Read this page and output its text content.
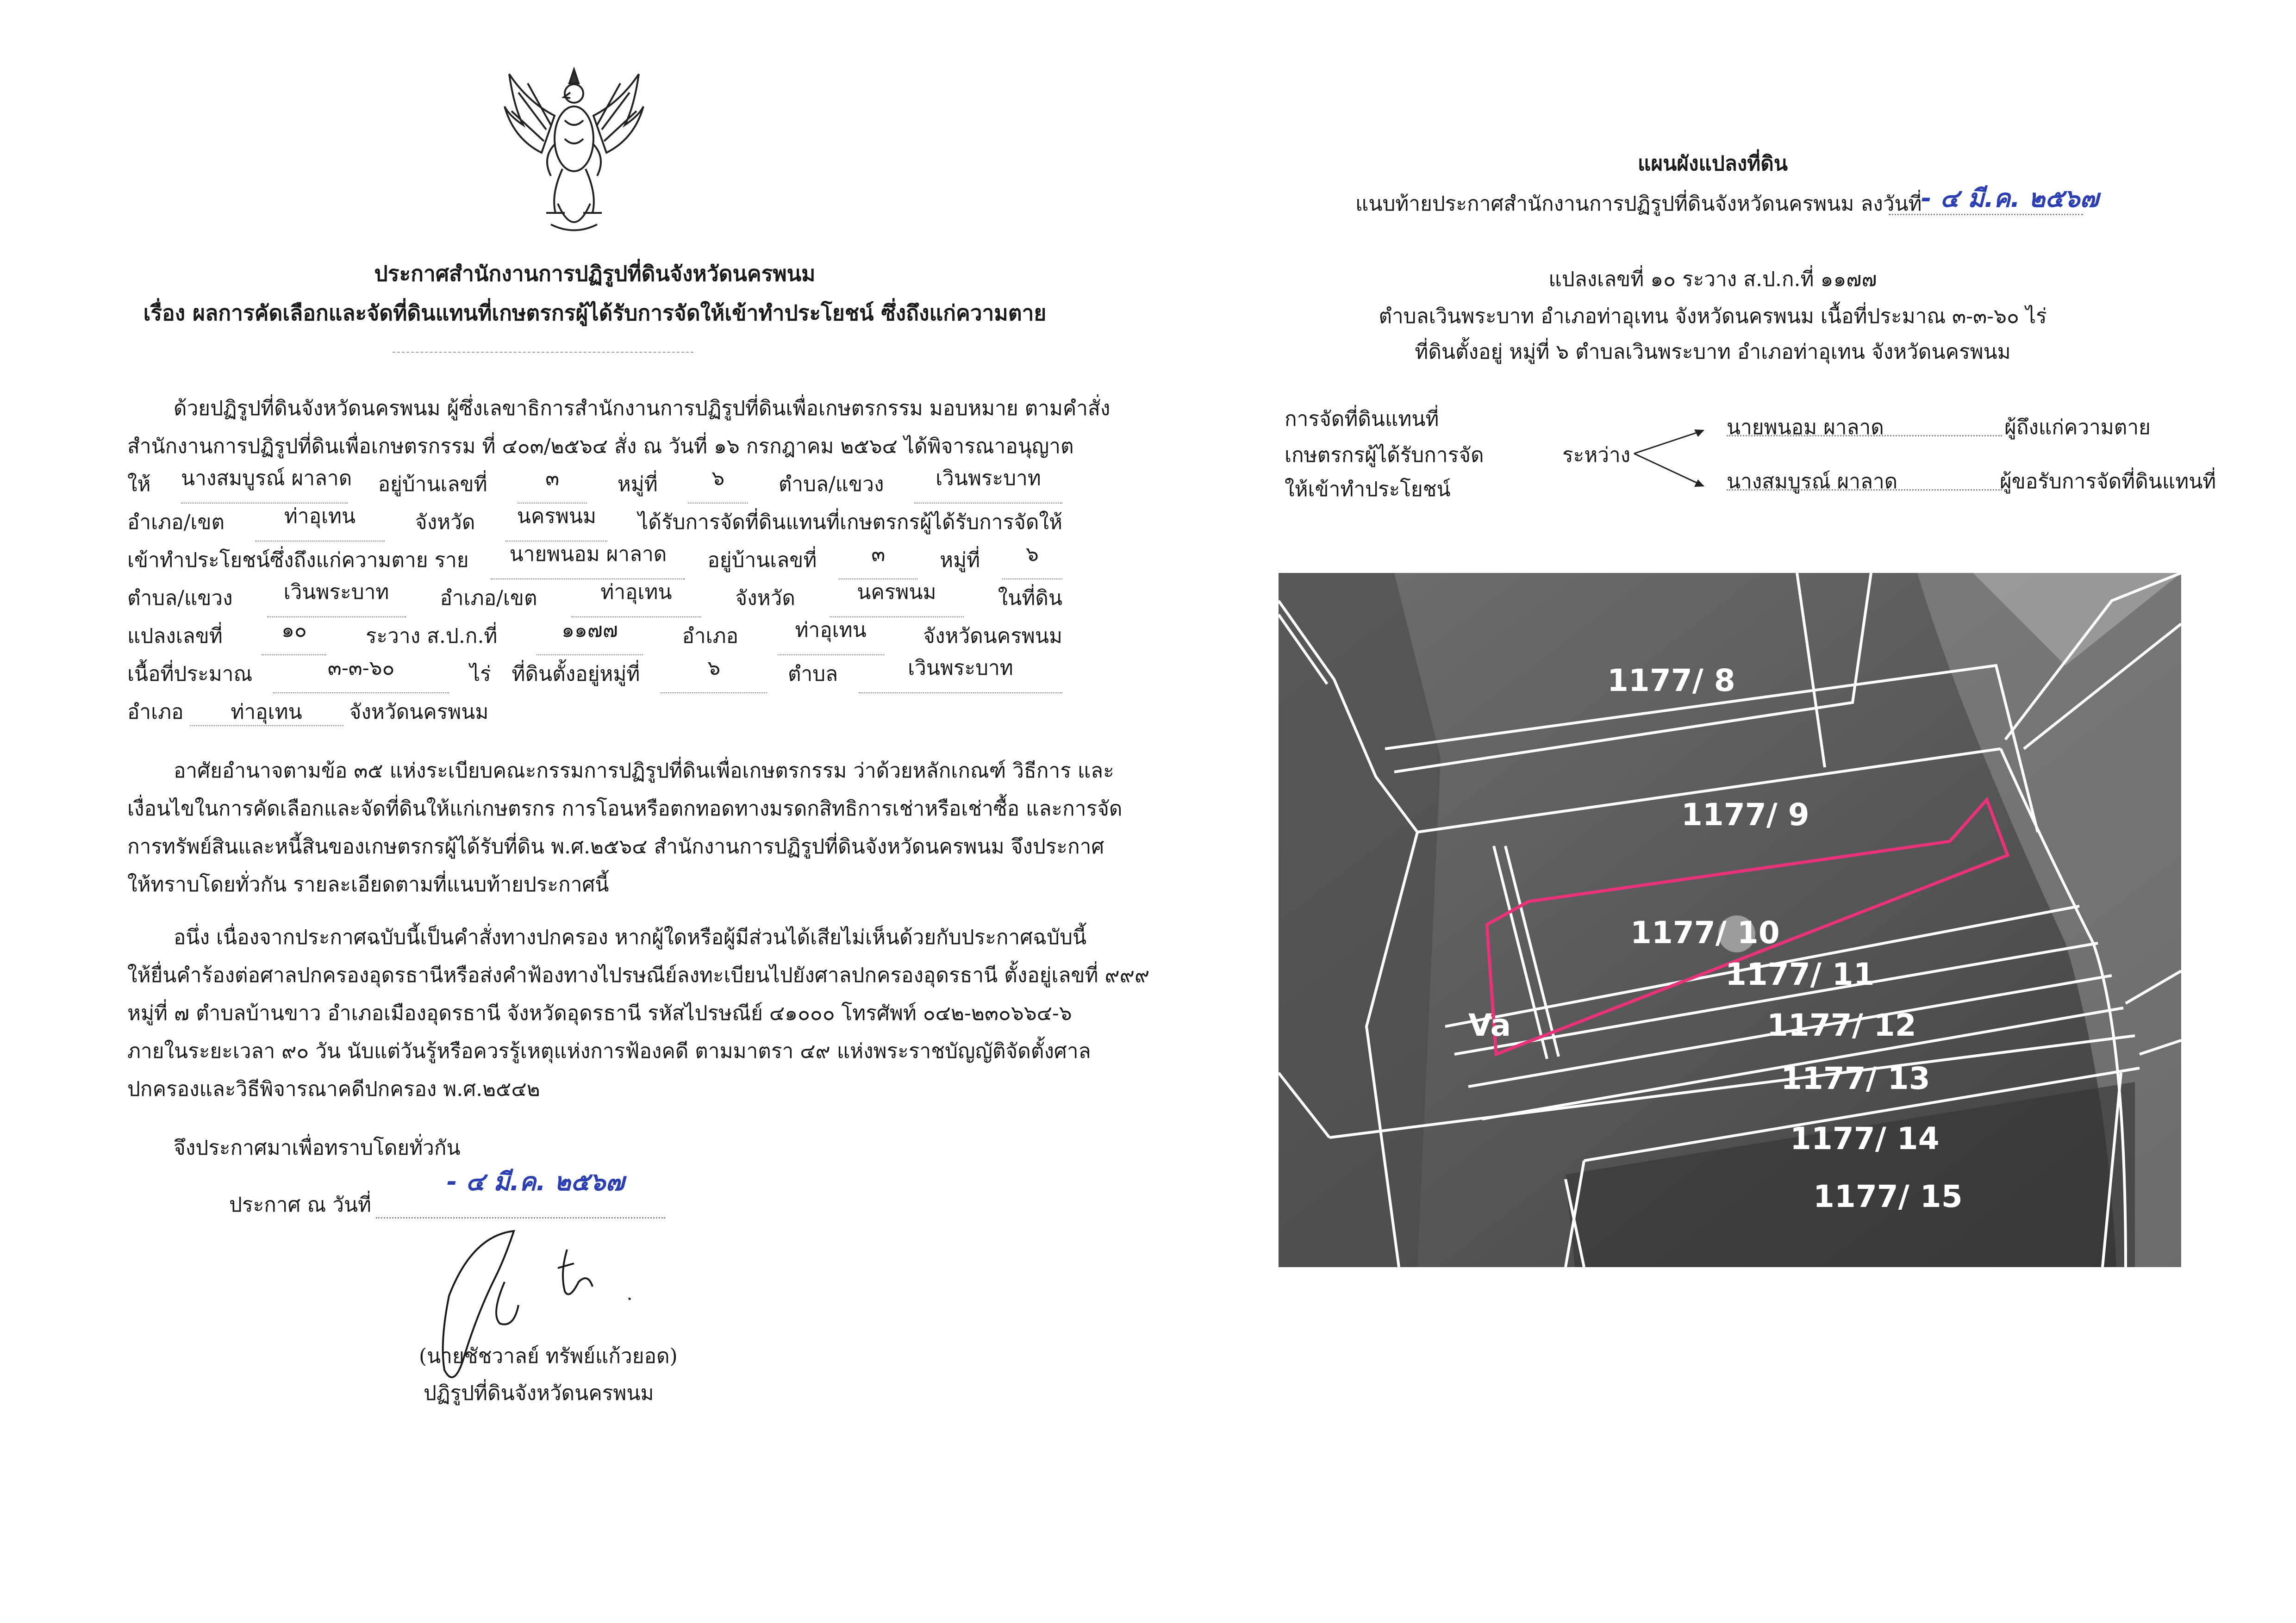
ประกาศสำนักงานการปฏิรูปที่ดินจังหวัดนครพนม
เรื่อง ผลการคัดเลือกและจัดที่ดินแทนที่เกษตรกรผู้ได้รับการจัดให้เข้าทำประโยชน์ ซึ่งถึงแก่ความตาย
ด้วยปฏิรูปที่ดินจังหวัดนครพนม ผู้ซึ่งเลขาธิการสำนักงานการปฏิรูปที่ดินเพื่อเกษตรกรรม มอบหมาย ตามคำสั่ง
สำนักงานการปฏิรูปที่ดินเพื่อเกษตรกรรม ที่ ๔๐๓/๒๕๖๔ สั่ง ณ วันที่ ๑๖ กรกฎาคม ๒๕๖๔ ได้พิจารณาอนุญาต
ให้ นางสมบูรณ์ ผาลาด อยู่บ้านเลขที่	๓	หมู่ที่	๖	ตำบล/แขวง	เวินพระบาท
อำเภอ/เขต	ท่าอุเทน	จังหวัด	นครพนม	ได้รับการจัดที่ดินแทนที่เกษตรกรผู้ได้รับการจัดให้
เข้าทำประโยชน์ซึ่งถึงแก่ความตาย ราย	นายพนอม ผาลาด	อยู่บ้านเลขที่	๓	หมู่ที่	๖
ตำบล/แขวง	เวินพระบาท	อำเภอ/เขต	ท่าอุเทน	จังหวัด	นครพนม	ในที่ดิน
แปลงเลขที่	๑๐	ระวาง ส.ป.ก.ที่	๑๑๗๗	อำเภอ	ท่าอุเทน	จังหวัดนครพนม
เนื้อที่ประมาณ	๓-๓-๖๐	ไร่ ที่ดินตั้งอยู่หมู่ที่	๖	ตำบล	เวินพระบาท
อำเภอ ท่าอุเทน จังหวัดนครพนม
อาศัยอำนาจตามข้อ ๓๕ แห่งระเบียบคณะกรรมการปฏิรูปที่ดินเพื่อเกษตรกรรม ว่าด้วยหลักเกณฑ์ วิธีการ และ
เงื่อนไขในการคัดเลือกและจัดที่ดินให้แก่เกษตรกร การโอนหรือตกทอดทางมรดกสิทธิการเช่าหรือเช่าซื้อ และการจัด
การทรัพย์สินและหนี้สินของเกษตรกรผู้ได้รับที่ดิน พ.ศ.๒๕๖๔ สำนักงานการปฏิรูปที่ดินจังหวัดนครพนม จึงประกาศ
ให้ทราบโดยทั่วกัน รายละเอียดตามที่แนบท้ายประกาศนี้
อนึ่ง เนื่องจากประกาศฉบับนี้เป็นคำสั่งทางปกครอง หากผู้ใดหรือผู้มีส่วนได้เสียไม่เห็นด้วยกับประกาศฉบับนี้
ให้ยื่นคำร้องต่อศาลปกครองอุดรธานีหรือส่งคำฟ้องทางไปรษณีย์ลงทะเบียนไปยังศาลปกครองอุดรธานี ตั้งอยู่เลขที่ ๙๙๙
หมู่ที่ ๗ ตำบลบ้านขาว อำเภอเมืองอุดรธานี จังหวัดอุดรธานี รหัสไปรษณีย์ ๔๑๐๐๐ โทรศัพท์ ๐๔๒-๒๓๐๖๖๔-๖
ภายในระยะเวลา ๙๐ วัน นับแต่วันรู้หรือควรรู้เหตุแห่งการฟ้องคดี ตามมาตรา ๔๙ แห่งพระราชบัญญัติจัดตั้งศาล
ปกครองและวิธีพิจารณาคดีปกครอง พ.ศ.๒๕๔๒
จึงประกาศมาเพื่อทราบโดยทั่วกัน
ประกาศ ณ วันที่
- ๔ มี.ค. ๒๕๖๗
(นายชัชวาลย์ ทรัพย์แก้วยอด)
ปฏิรูปที่ดินจังหวัดนครพนม
แผนผังแปลงที่ดิน
แนบท้ายประกาศสำนักงานการปฏิรูปที่ดินจังหวัดนครพนม ลงวันที่
- ๔ มี.ค. ๒๕๖๗
แปลงเลขที่ ๑๐ ระวาง ส.ป.ก.ที่ ๑๑๗๗
ตำบลเวินพระบาท อำเภอท่าอุเทน จังหวัดนครพนม เนื้อที่ประมาณ ๓-๓-๖๐ ไร่
ที่ดินตั้งอยู่ หมู่ที่ ๖ ตำบลเวินพระบาท อำเภอท่าอุเทน จังหวัดนครพนม
การจัดที่ดินแทนที่
เกษตรกรผู้ได้รับการจัด
ให้เข้าทำประโยชน์
ระหว่าง
นายพนอม ผาลาด	ผู้ถึงแก่ความตาย
นางสมบูรณ์ ผาลาด	ผู้ขอรับการจัดที่ดินแทนที่
1177/ 8
1177/ 9
1177/ 10
1177/ 11
1177/ 12
1177/ 13
1177/ 14
1177/ 15
Va
